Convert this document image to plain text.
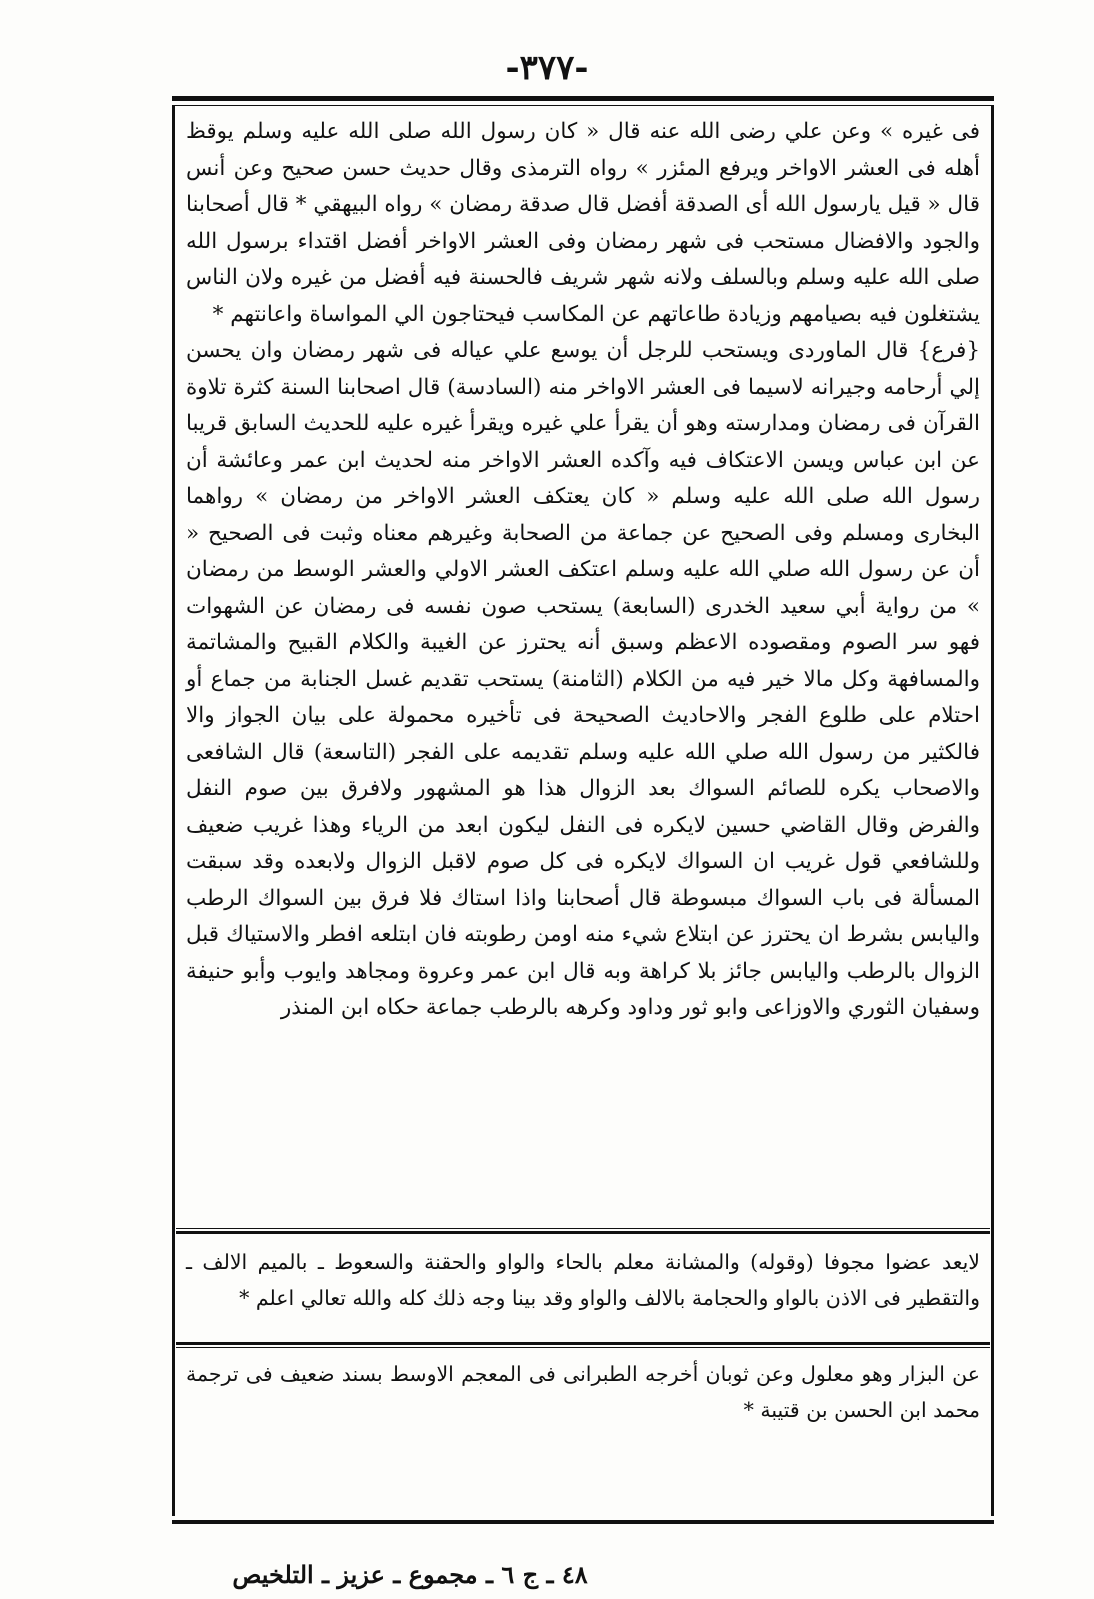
-٣٧٧-

فى غيره » وعن علي رضى الله عنه قال « كان رسول الله صلى الله عليه وسلم يوقظ أهله فى العشر الاواخر ويرفع المئزر » رواه الترمذى وقال حديث حسن صحيح وعن أنس قال « قيل يارسول الله أى الصدقة أفضل قال صدقة رمضان » رواه البيهقي * قال أصحابنا والجود والافضال مستحب فى شهر رمضان وفى العشر الاواخر أفضل اقتداء برسول الله صلى الله عليه وسلم وبالسلف ولانه شهر شريف فالحسنة فيه أفضل من غيره ولان الناس يشتغلون فيه بصيامهم وزيادة طاعاتهم عن المكاسب فيحتاجون الي المواساة واعانتهم *

{فرع} قال الماوردى ويستحب للرجل أن يوسع علي عياله فى شهر رمضان وان يحسن إلي أرحامه وجيرانه لاسيما فى العشر الاواخر منه (السادسة) قال اصحابنا السنة كثرة تلاوة القرآن فى رمضان ومدارسته وهو أن يقرأ علي غيره ويقرأ غيره عليه للحديث السابق قريبا عن ابن عباس ويسن الاعتكاف فيه وآكده العشر الاواخر منه لحديث ابن عمر وعائشة أن رسول الله صلى الله عليه وسلم « كان يعتكف العشر الاواخر من رمضان » رواهما البخارى ومسلم وفى الصحيح عن جماعة من الصحابة وغيرهم معناه وثبت فى الصحيح « أن عن رسول الله صلي الله عليه وسلم اعتكف العشر الاولي والعشر الوسط من رمضان » من رواية أبي سعيد الخدرى (السابعة) يستحب صون نفسه فى رمضان عن الشهوات فهو سر الصوم ومقصوده الاعظم وسبق أنه يحترز عن الغيبة والكلام القبيح والمشاتمة والمسافهة وكل مالا خير فيه من الكلام (الثامنة) يستحب تقديم غسل الجنابة من جماع أو احتلام على طلوع الفجر والاحاديث الصحيحة فى تأخيره محمولة على بيان الجواز والا فالكثير من رسول الله صلي الله عليه وسلم تقديمه على الفجر (التاسعة) قال الشافعى والاصحاب يكره للصائم السواك بعد الزوال هذا هو المشهور ولافرق بين صوم النفل والفرض وقال القاضي حسين لايكره فى النفل ليكون ابعد من الرياء وهذا غريب ضعيف وللشافعي قول غريب ان السواك لايكره فى كل صوم لاقبل الزوال ولابعده وقد سبقت المسألة فى باب السواك مبسوطة قال أصحابنا واذا استاك فلا فرق بين السواك الرطب واليابس بشرط ان يحترز عن ابتلاع شيء منه اومن رطوبته فان ابتلعه افطر والاستياك قبل الزوال بالرطب واليابس جائز بلا كراهة وبه قال ابن عمر وعروة ومجاهد وايوب وأبو حنيفة وسفيان الثوري والاوزاعى وابو ثور وداود وكرهه بالرطب جماعة حكاه ابن المنذر

لايعد عضوا مجوفا (وقوله) والمشانة معلم بالحاء والواو والحقنة والسعوط ـ بالميم الالف ـ والتقطير فى الاذن بالواو والحجامة بالالف والواو وقد بينا وجه ذلك كله والله تعالي اعلم *

عن البزار وهو معلول وعن ثوبان أخرجه الطبرانى فى المعجم الاوسط بسند ضعيف فى ترجمة محمد ابن الحسن بن قتيبة *

٤٨ ـ ج ٦ ـ مجموع ـ عزيز ـ التلخيص
